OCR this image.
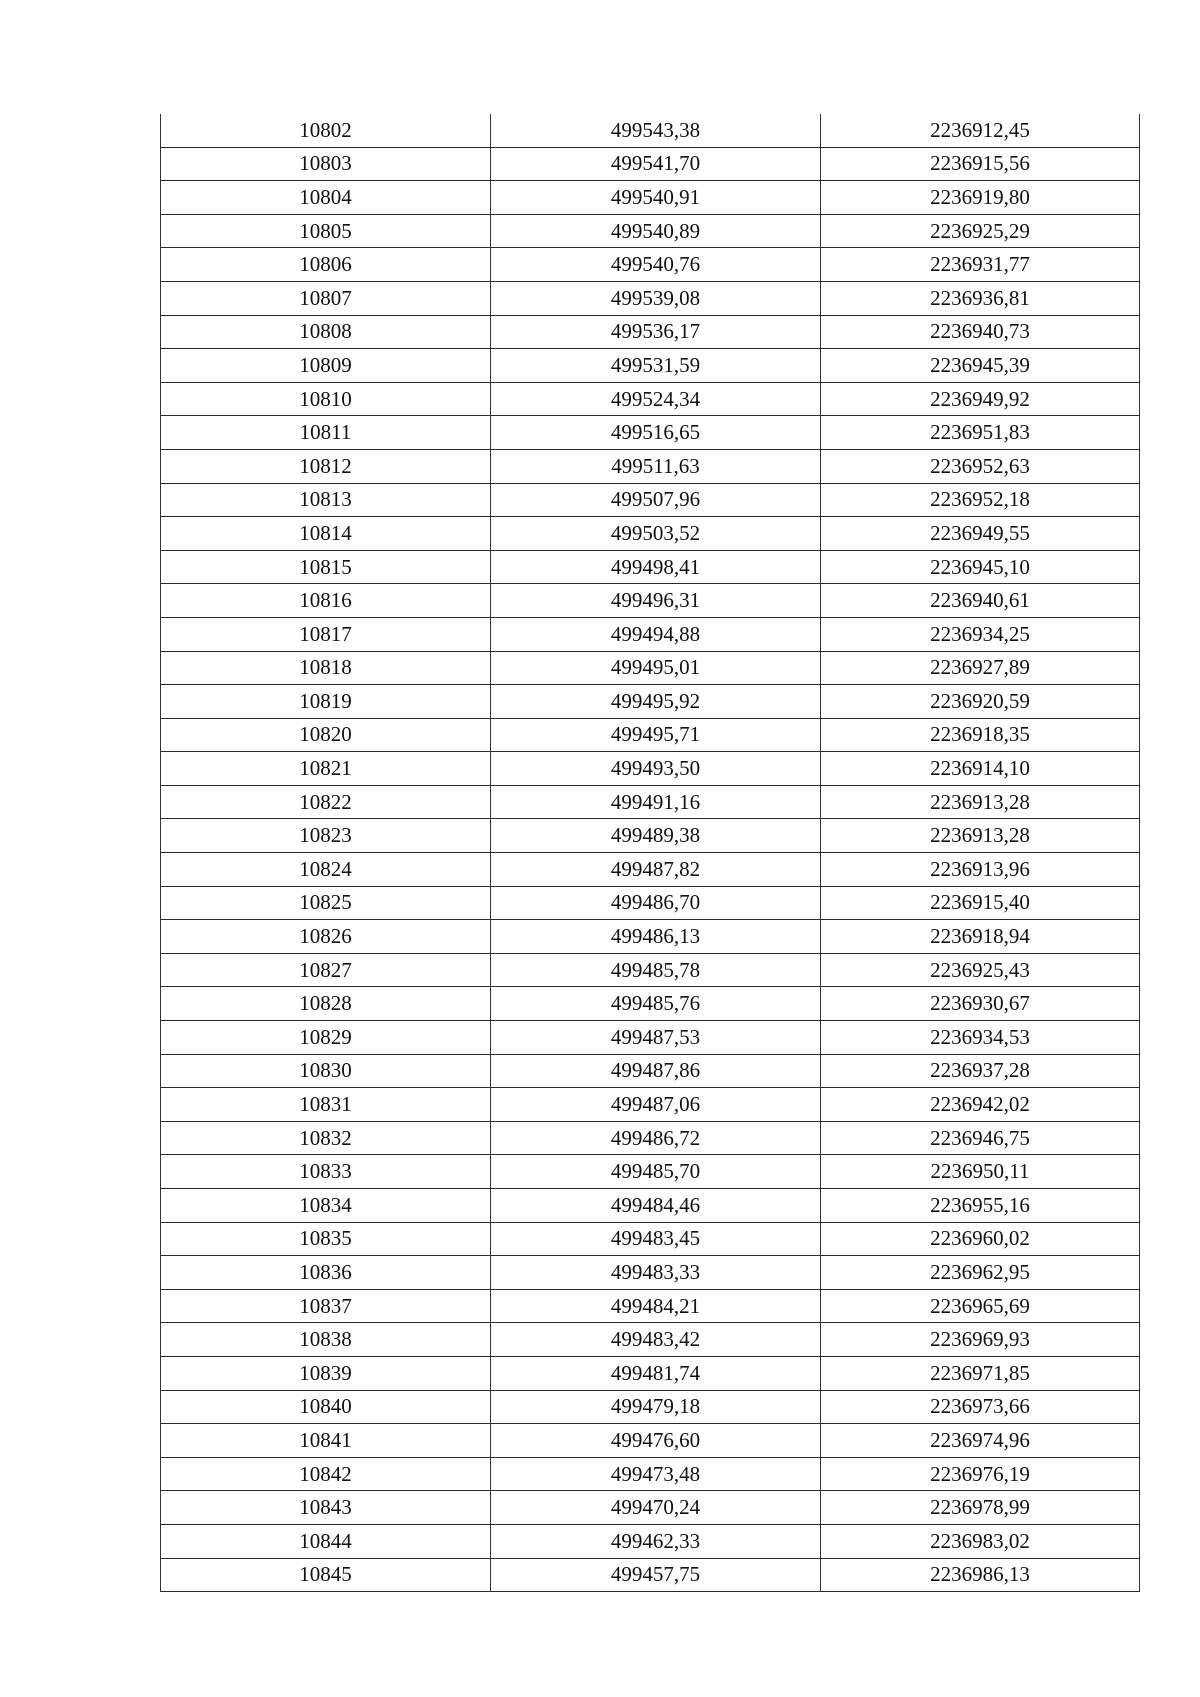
10802	499543,38	2236912,45
10803	499541,70	2236915,56
10804	499540,91	2236919,80
10805	499540,89	2236925,29
10806	499540,76	2236931,77
10807	499539,08	2236936,81
10808	499536,17	2236940,73
10809	499531,59	2236945,39
10810	499524,34	2236949,92
10811	499516,65	2236951,83
10812	499511,63	2236952,63
10813	499507,96	2236952,18
10814	499503,52	2236949,55
10815	499498,41	2236945,10
10816	499496,31	2236940,61
10817	499494,88	2236934,25
10818	499495,01	2236927,89
10819	499495,92	2236920,59
10820	499495,71	2236918,35
10821	499493,50	2236914,10
10822	499491,16	2236913,28
10823	499489,38	2236913,28
10824	499487,82	2236913,96
10825	499486,70	2236915,40
10826	499486,13	2236918,94
10827	499485,78	2236925,43
10828	499485,76	2236930,67
10829	499487,53	2236934,53
10830	499487,86	2236937,28
10831	499487,06	2236942,02
10832	499486,72	2236946,75
10833	499485,70	2236950,11
10834	499484,46	2236955,16
10835	499483,45	2236960,02
10836	499483,33	2236962,95
10837	499484,21	2236965,69
10838	499483,42	2236969,93
10839	499481,74	2236971,85
10840	499479,18	2236973,66
10841	499476,60	2236974,96
10842	499473,48	2236976,19
10843	499470,24	2236978,99
10844	499462,33	2236983,02
10845	499457,75	2236986,13
